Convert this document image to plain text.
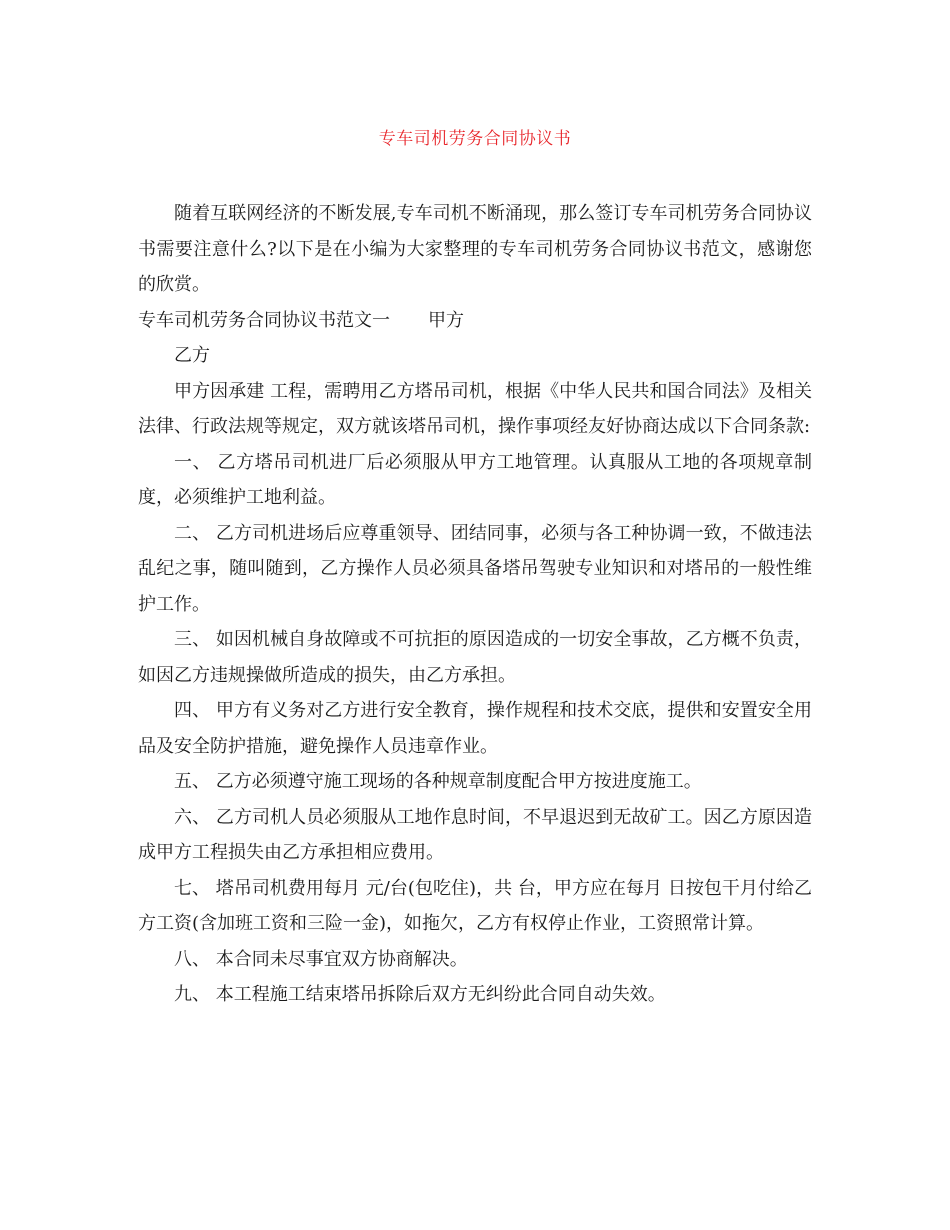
专车司机劳务合同协议书

随着互联网经济的不断发展,专车司机不断涌现，那么签订专车司机劳务合同协议书需要注意什么?以下是在小编为大家整理的专车司机劳务合同协议书范文，感谢您的欣赏。

专车司机劳务合同协议书范文一 甲方

乙方

甲方因承建 工程，需聘用乙方塔吊司机，根据《中华人民共和国合同法》及相关法律、行政法规等规定，双方就该塔吊司机，操作事项经友好协商达成以下合同条款:

一、 乙方塔吊司机进厂后必须服从甲方工地管理。认真服从工地的各项规章制度，必须维护工地利益。

二、 乙方司机进场后应尊重领导、团结同事，必须与各工种协调一致，不做违法乱纪之事，随叫随到，乙方操作人员必须具备塔吊驾驶专业知识和对塔吊的一般性维护工作。

三、 如因机械自身故障或不可抗拒的原因造成的一切安全事故，乙方概不负责，如因乙方违规操做所造成的损失，由乙方承担。

四、 甲方有义务对乙方进行安全教育，操作规程和技术交底，提供和安置安全用品及安全防护措施，避免操作人员违章作业。

五、 乙方必须遵守施工现场的各种规章制度配合甲方按进度施工。

六、 乙方司机人员必须服从工地作息时间，不早退迟到无故矿工。因乙方原因造成甲方工程损失由乙方承担相应费用。

七、 塔吊司机费用每月 元/台(包吃住)，共 台，甲方应在每月 日按包干月付给乙方工资(含加班工资和三险一金)，如拖欠，乙方有权停止作业，工资照常计算。

八、 本合同未尽事宜双方协商解决。

九、 本工程施工结束塔吊拆除后双方无纠纷此合同自动失效。
